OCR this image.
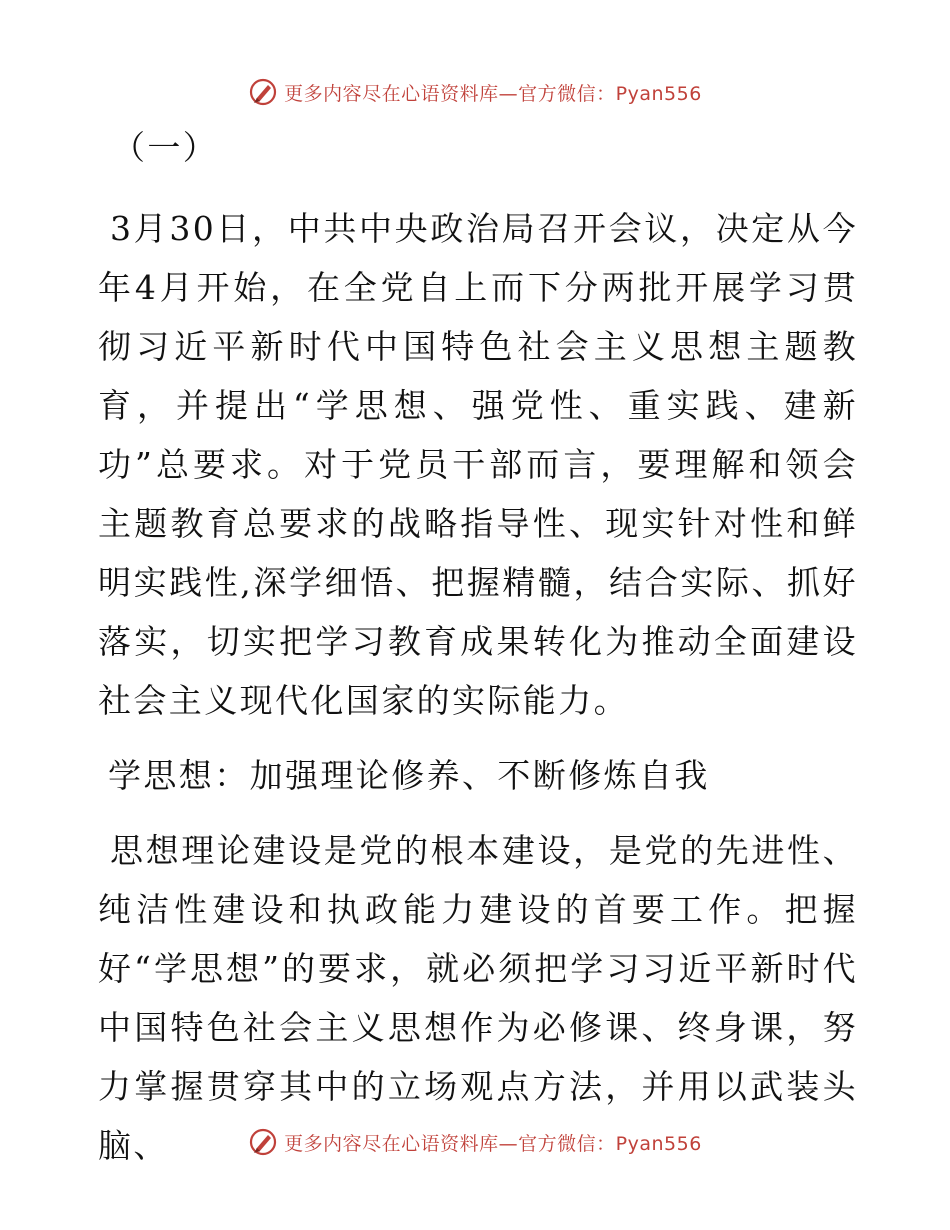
更多内容尽在心语资料库—官方微信：Pyan556

（一）

3月30日，中共中央政治局召开会议，决定从今年4月开始，在全党自上而下分两批开展学习贯彻习近平新时代中国特色社会主义思想主题教育，并提出“学思想、强党性、重实践、建新功”总要求。对于党员干部而言，要理解和领会主题教育总要求的战略指导性、现实针对性和鲜明实践性,深学细悟、把握精髓，结合实际、抓好落实，切实把学习教育成果转化为推动全面建设社会主义现代化国家的实际能力。

学思想：加强理论修养、不断修炼自我

思想理论建设是党的根本建设，是党的先进性、纯洁性建设和执政能力建设的首要工作。把握好“学思想”的要求，就必须把学习习近平新时代中国特色社会主义思想作为必修课、终身课，努力掌握贯穿其中的立场观点方法，并用以武装头脑、	更多内容尽在心语资料库—官方微信：Pyan556
